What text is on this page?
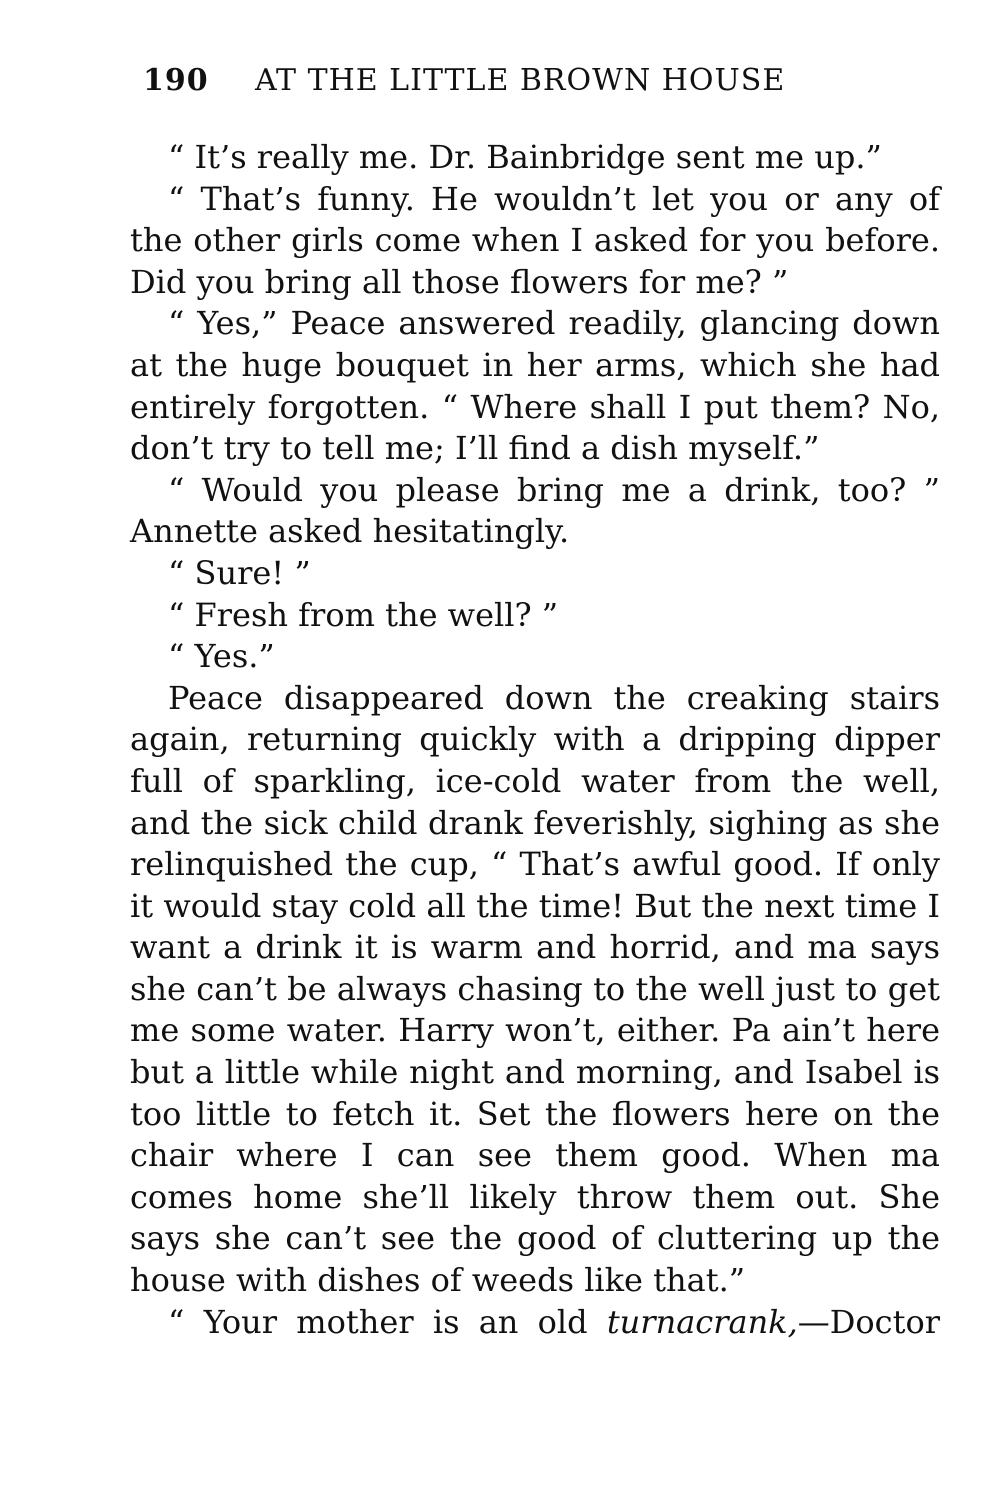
190 AT THE LITTLE BROWN HOUSE

“ It’s really me. Dr. Bainbridge sent me up.”

“ That’s funny. He wouldn’t let you or any of the other girls come when I asked for you before. Did you bring all those flowers for me? ”

“ Yes,” Peace answered readily, glancing down at the huge bouquet in her arms, which she had entirely forgotten. “ Where shall I put them? No, don’t try to tell me; I’ll find a dish myself.”

“ Would you please bring me a drink, too? ” Annette asked hesitatingly.

“ Sure! ”

“ Fresh from the well? ”

“ Yes.”

Peace disappeared down the creaking stairs again, returning quickly with a dripping dipper full of sparkling, ice-cold water from the well, and the sick child drank feverishly, sighing as she relinquished the cup, “ That’s awful good. If only it would stay cold all the time! But the next time I want a drink it is warm and horrid, and ma says she can’t be always chasing to the well just to get me some water. Harry won’t, either. Pa ain’t here but a little while night and morning, and Isabel is too little to fetch it. Set the flowers here on the chair where I can see them good. When ma comes home she’ll likely throw them out. She says she can’t see the good of cluttering up the house with dishes of weeds like that.”

“ Your mother is an old turnacrank,—Doctor
